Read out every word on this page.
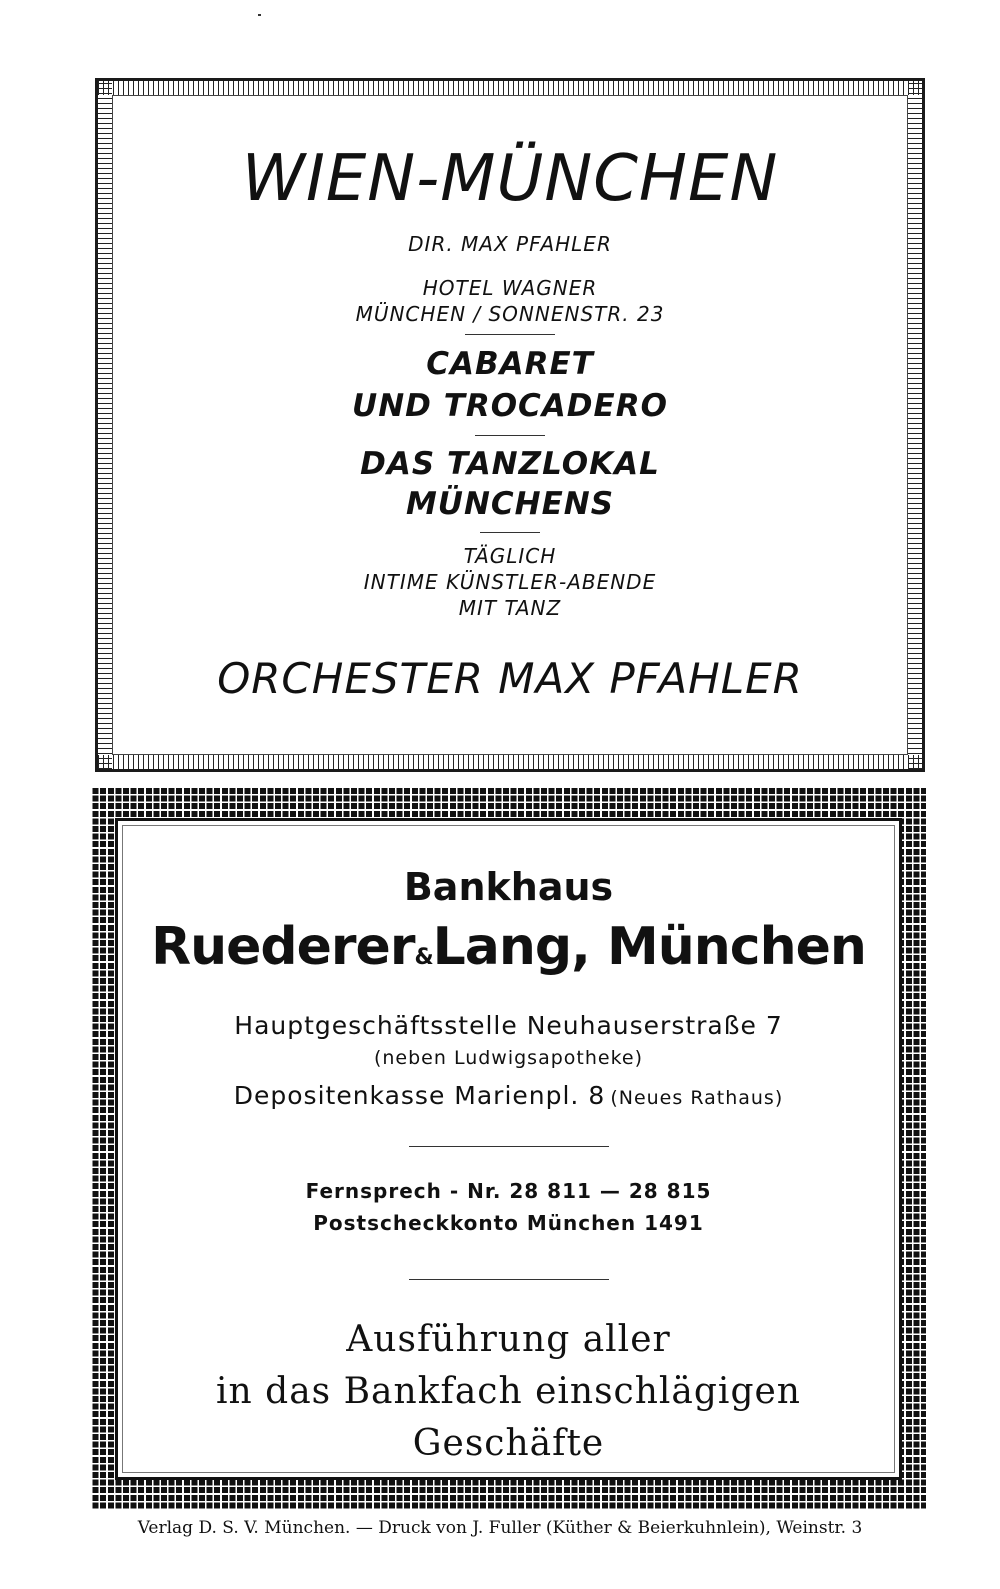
WIEN-MÜNCHEN
DIR. MAX PFAHLER
HOTEL WAGNER
MÜNCHEN / SONNENSTR. 23
CABARET
UND TROCADERO
DAS TANZLOKAL
MÜNCHENS
TÄGLICH
INTIME KÜNSTLER-ABENDE
MIT TANZ
ORCHESTER MAX PFAHLER
Bankhaus
Ruederer&Lang, München
Hauptgeschäftsstelle Neuhauserstraße 7
(neben Ludwigsapotheke)
Depositenkasse Marienpl. 8 (Neues Rathaus)
Fernsprech - Nr. 28 811 — 28 815
Postscheckkonto München 1491
Ausführung aller
in das Bankfach einschlägigen
Geschäfte
Verlag D. S. V. München. — Druck von J. Fuller (Küther & Beierkuhnlein), Weinstr. 3
